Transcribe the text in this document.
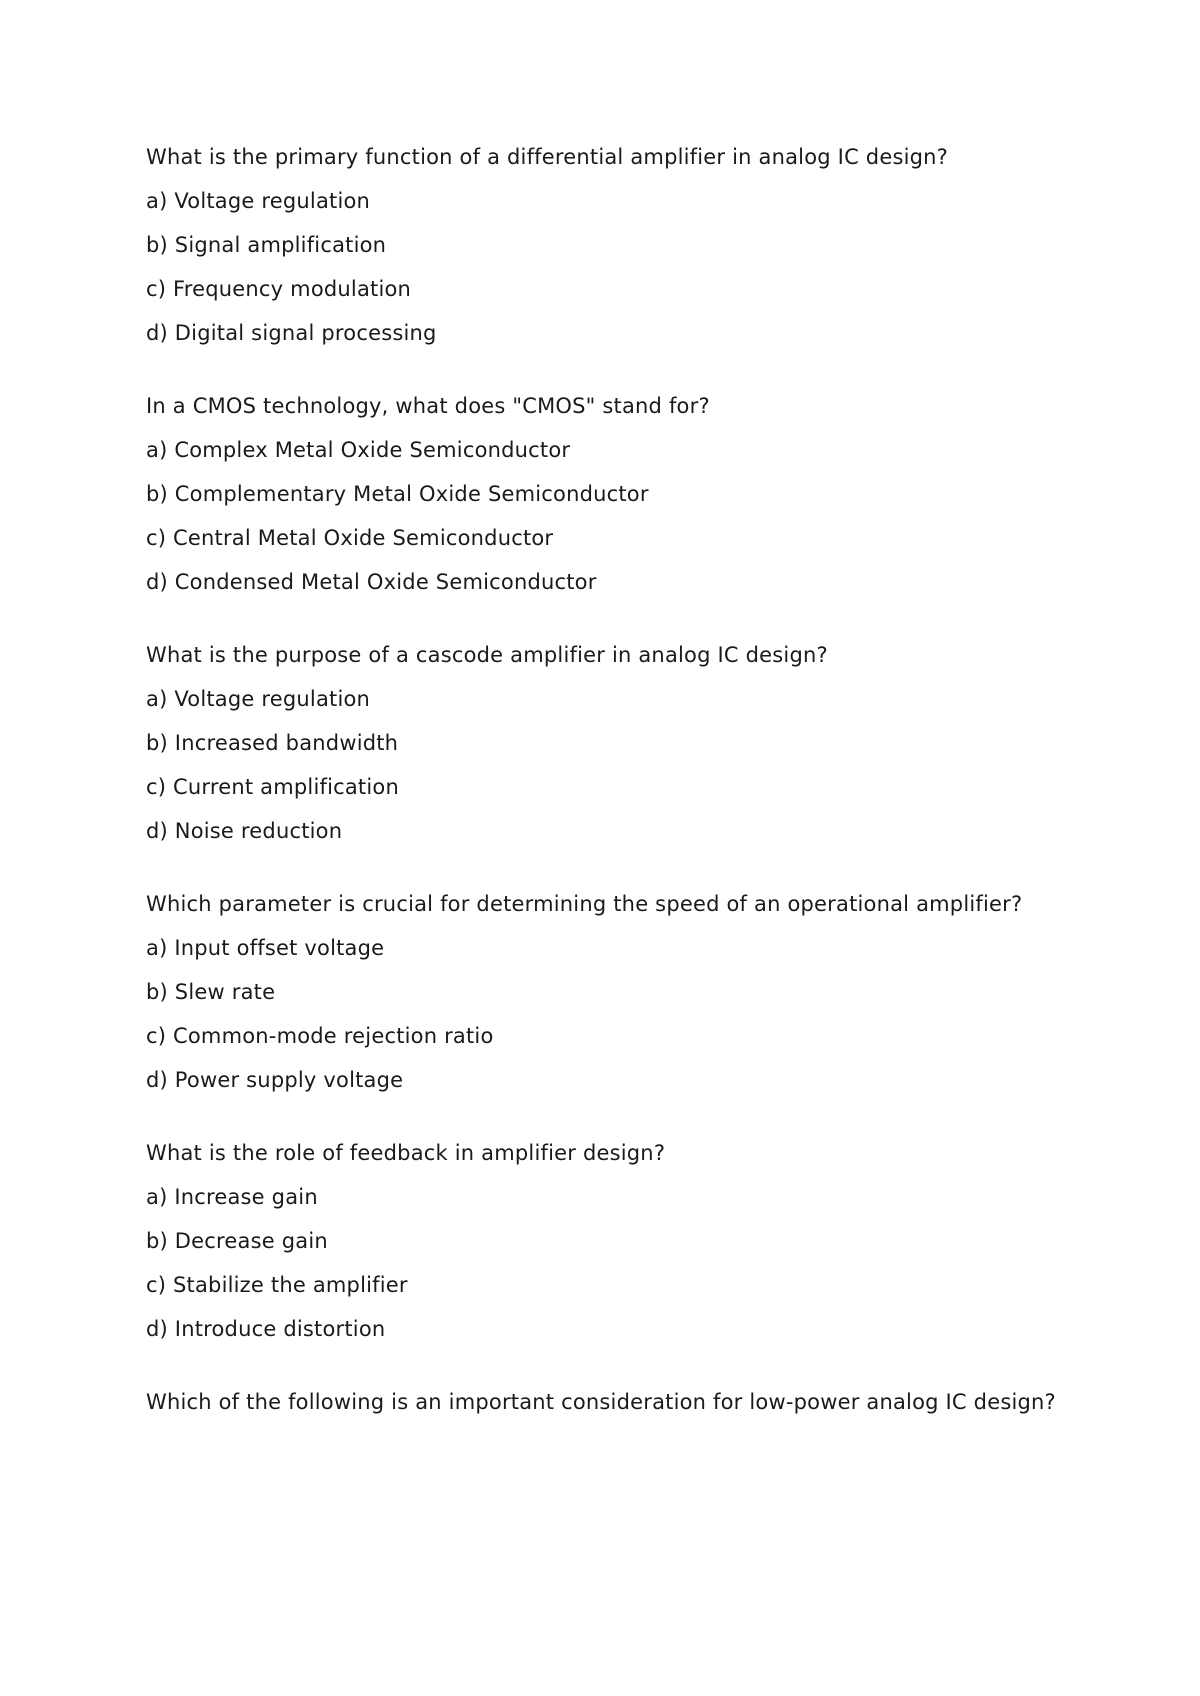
What is the primary function of a differential amplifier in analog IC design?

a) Voltage regulation

b) Signal amplification

c) Frequency modulation

d) Digital signal processing

In a CMOS technology, what does "CMOS" stand for?

a) Complex Metal Oxide Semiconductor

b) Complementary Metal Oxide Semiconductor

c) Central Metal Oxide Semiconductor

d) Condensed Metal Oxide Semiconductor

What is the purpose of a cascode amplifier in analog IC design?

a) Voltage regulation

b) Increased bandwidth

c) Current amplification

d) Noise reduction

Which parameter is crucial for determining the speed of an operational amplifier?

a) Input offset voltage

b) Slew rate

c) Common-mode rejection ratio

d) Power supply voltage

What is the role of feedback in amplifier design?

a) Increase gain

b) Decrease gain

c) Stabilize the amplifier

d) Introduce distortion

Which of the following is an important consideration for low-power analog IC design?
